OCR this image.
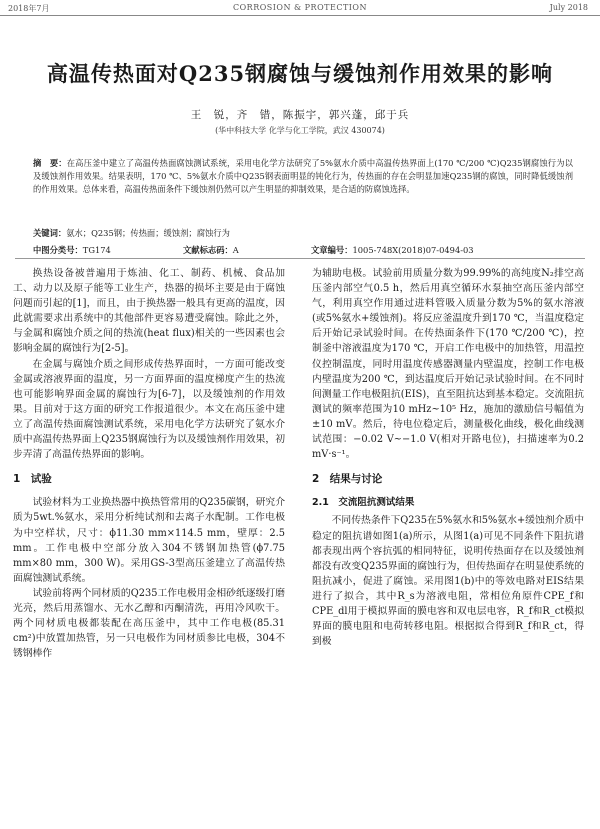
2018年7月	CORROSION & PROTECTION	July 2018
高温传热面对Q235钢腐蚀与缓蚀剂作用效果的影响
王　锐，齐　错，陈振宇，郭兴蓬，邱于兵
(华中科技大学 化学与化工学院，武汉 430074)
摘　要：在高压釜中建立了高温传热面腐蚀测试系统，采用电化学方法研究了5%氨水介质中高温传热界面上(170 ℃/200 ℃)Q235钢腐蚀行为以及缓蚀剂作用效果。结果表明，170 ℃、5%氨水介质中Q235钢表面明显的钝化行为，传热面的存在会明显加速Q235钢的腐蚀，同时降低缓蚀剂的作用效果。总体来看，高温传热面条件下缓蚀剂仍然可以产生明显的抑制效果，是合适的防腐蚀选择。
关键词：氨水；Q235钢；传热面；缓蚀剂；腐蚀行为
中图分类号：TG174	文献标志码：A	文章编号：1005-748X(2018)07-0494-03

换热设备被普遍用于炼油、化工、制药、机械、食品加工、动力以及原子能等工业生产，热器的损坏主要是由于腐蚀问题而引起的[1]，而且，由于换热器一般具有更高的温度，因此就需要求出系统中的其他部件更容易遭受腐蚀。除此之外，与金属和腐蚀介质之间的热流(heat flux)相关的一些因素也会影响金属的腐蚀行为[2-5]。

在金属与腐蚀介质之间形成传热界面时，一方面可能改变金属或溶液界面的温度，另一方面界面的温度梯度产生的热流也可能影响界面金属的腐蚀行为[6-7]，以及缓蚀剂的作用效果。目前对于这方面的研究工作报道很少。本文在高压釜中建立了高温传热面腐蚀测试系统，采用电化学方法研究了氨水介质中高温传热界面上Q235钢腐蚀行为以及缓蚀剂作用效果，初步弄清了高温传热界面的影响。

1　试验

试验材料为工业换热器中换热管常用的Q235碳钢，研究介质为5wt.%氨水，采用分析纯试剂和去离子水配制。工作电极为中空样状，尺寸：ϕ11.30 mm×114.5 mm，壁厚：2.5 mm。工作电极中空部分放入304不锈钢加热管(ϕ7.75 mm×80 mm，300 W)。采用GS-3型高压釜建立了高温传热面腐蚀测试系统。

试验前将两个同材质的Q235工作电极用金相砂纸逐级打磨光亮，然后用蒸馏水、无水乙醇和丙酮清洗，再用冷风吹干。两个同材质电极都装配在高压釜中，其中工作电极(85.31 cm²)中放置加热管，另一只电极作为同材质参比电极，304不锈钢棒作

为辅助电极。试验前用质量分数为99.99%的高纯度N₂排空高压釜内部空气0.5 h，然后用真空循环水泵抽空高压釜内部空气，利用真空作用通过进料管吸入质量分数为5%的氨水溶液(或5%氨水+缓蚀剂)。将反应釜温度升到170 ℃，当温度稳定后开始记录试验时间。在传热面条件下(170 ℃/200 ℃)，控制釜中溶液温度为170 ℃，开启工作电极中的加热管，用温控仪控制温度，同时用温度传感器测量内壁温度，控制工作电极内壁温度为200 ℃，到达温度后开始记录试验时间。在不同时间测量工作电极阻抗(EIS)，直至阻抗达到基本稳定。交流阻抗测试的频率范围为10 mHz~10⁵ Hz，施加的激励信号幅值为±10 mV。然后，待电位稳定后，测量极化曲线，极化曲线测试范围：−0.02 V~−1.0 V(相对开路电位)，扫描速率为0.2 mV·s⁻¹。

2　结果与讨论
2.1　交流阻抗测试结果

不同传热条件下Q235在5%氨水和5%氨水+缓蚀剂介质中稳定的阻抗谱如图1(a)所示，从图1(a)可见不同条件下阻抗谱都表现出两个容抗弧的相同特征，说明传热面存在以及缓蚀剂都没有改变Q235界面的腐蚀行为，但传热面存在明显使系统的阻抗减小，促进了腐蚀。采用图1(b)中的等效电路对EIS结果进行了拟合，其中R_s为溶液电阻，常相位角原件CPE_f和CPE_dl用于模拟界面的膜电容和双电层电容，R_f和R_ct模拟界面的膜电阻和电荷转移电阻。根据拟合得到R_f和R_ct，得到极
